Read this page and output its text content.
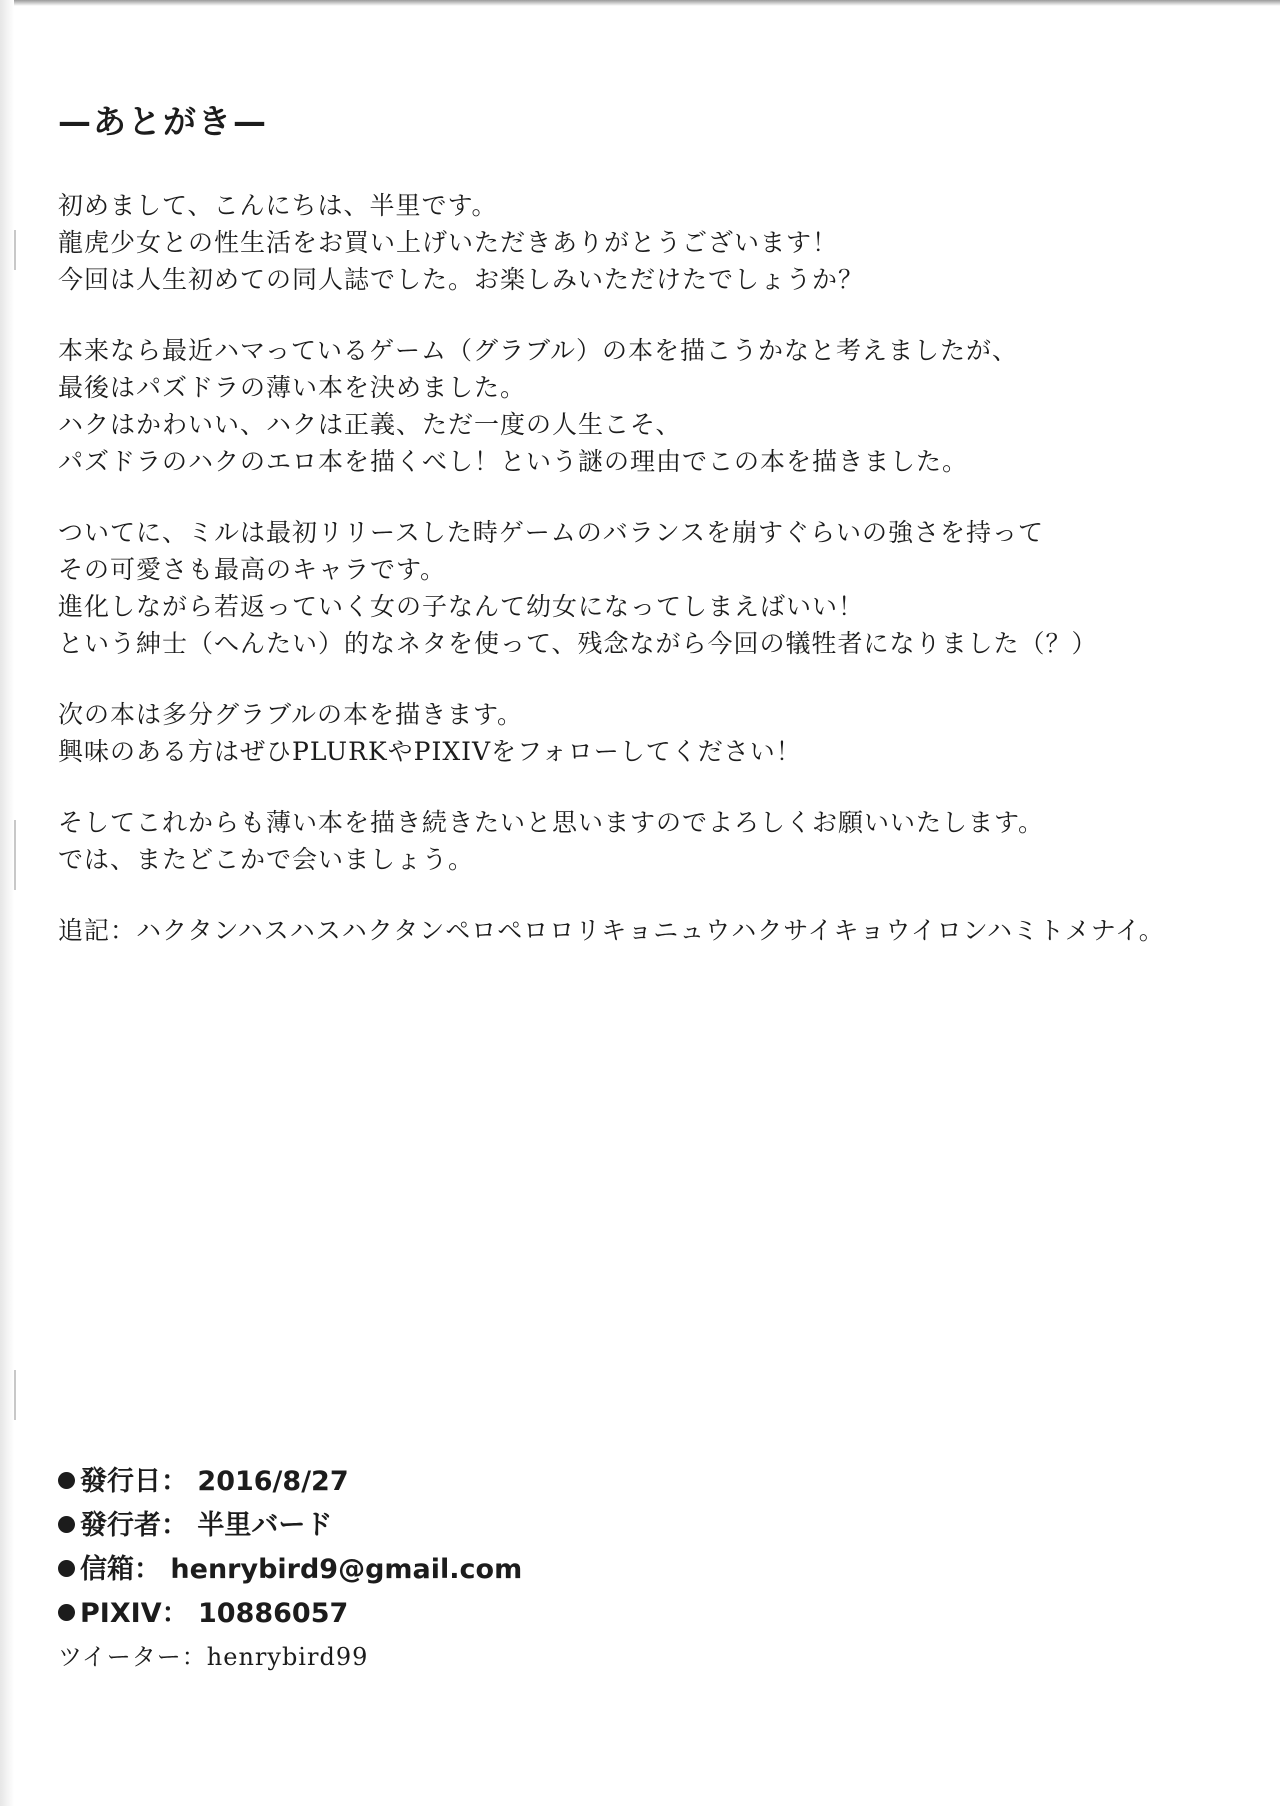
—あとがき—
初めまして、こんにちは、半里です。
龍虎少女との性生活をお買い上げいただきありがとうございます！
今回は人生初めての同人誌でした。お楽しみいただけたでしょうか？
本来なら最近ハマっているゲーム（グラブル）の本を描こうかなと考えましたが、
最後はパズドラの薄い本を決めました。
ハクはかわいい、ハクは正義、ただ一度の人生こそ、
パズドラのハクのエロ本を描くべし！という謎の理由でこの本を描きました。
ついてに、ミルは最初リリースした時ゲームのバランスを崩すぐらいの強さを持って
その可愛さも最高のキャラです。
進化しながら若返っていく女の子なんて幼女になってしまえばいい！
という紳士（へんたい）的なネタを使って、残念ながら今回の犠牲者になりました（？）
次の本は多分グラブルの本を描きます。
興味のある方はぜひPLURKやPIXIVをフォローしてください！
そしてこれからも薄い本を描き続きたいと思いますのでよろしくお願いいたします。
では、またどこかで会いましょう。
追記：ハクタンハスハスハクタンペロペロロリキョニュウハクサイキョウイロンハミトメナイ。
發行日： 2016/8/27
發行者： 半里バード
信箱： henrybird9@gmail.com
PIXIV： 10886057
ツイーター：henrybird99
